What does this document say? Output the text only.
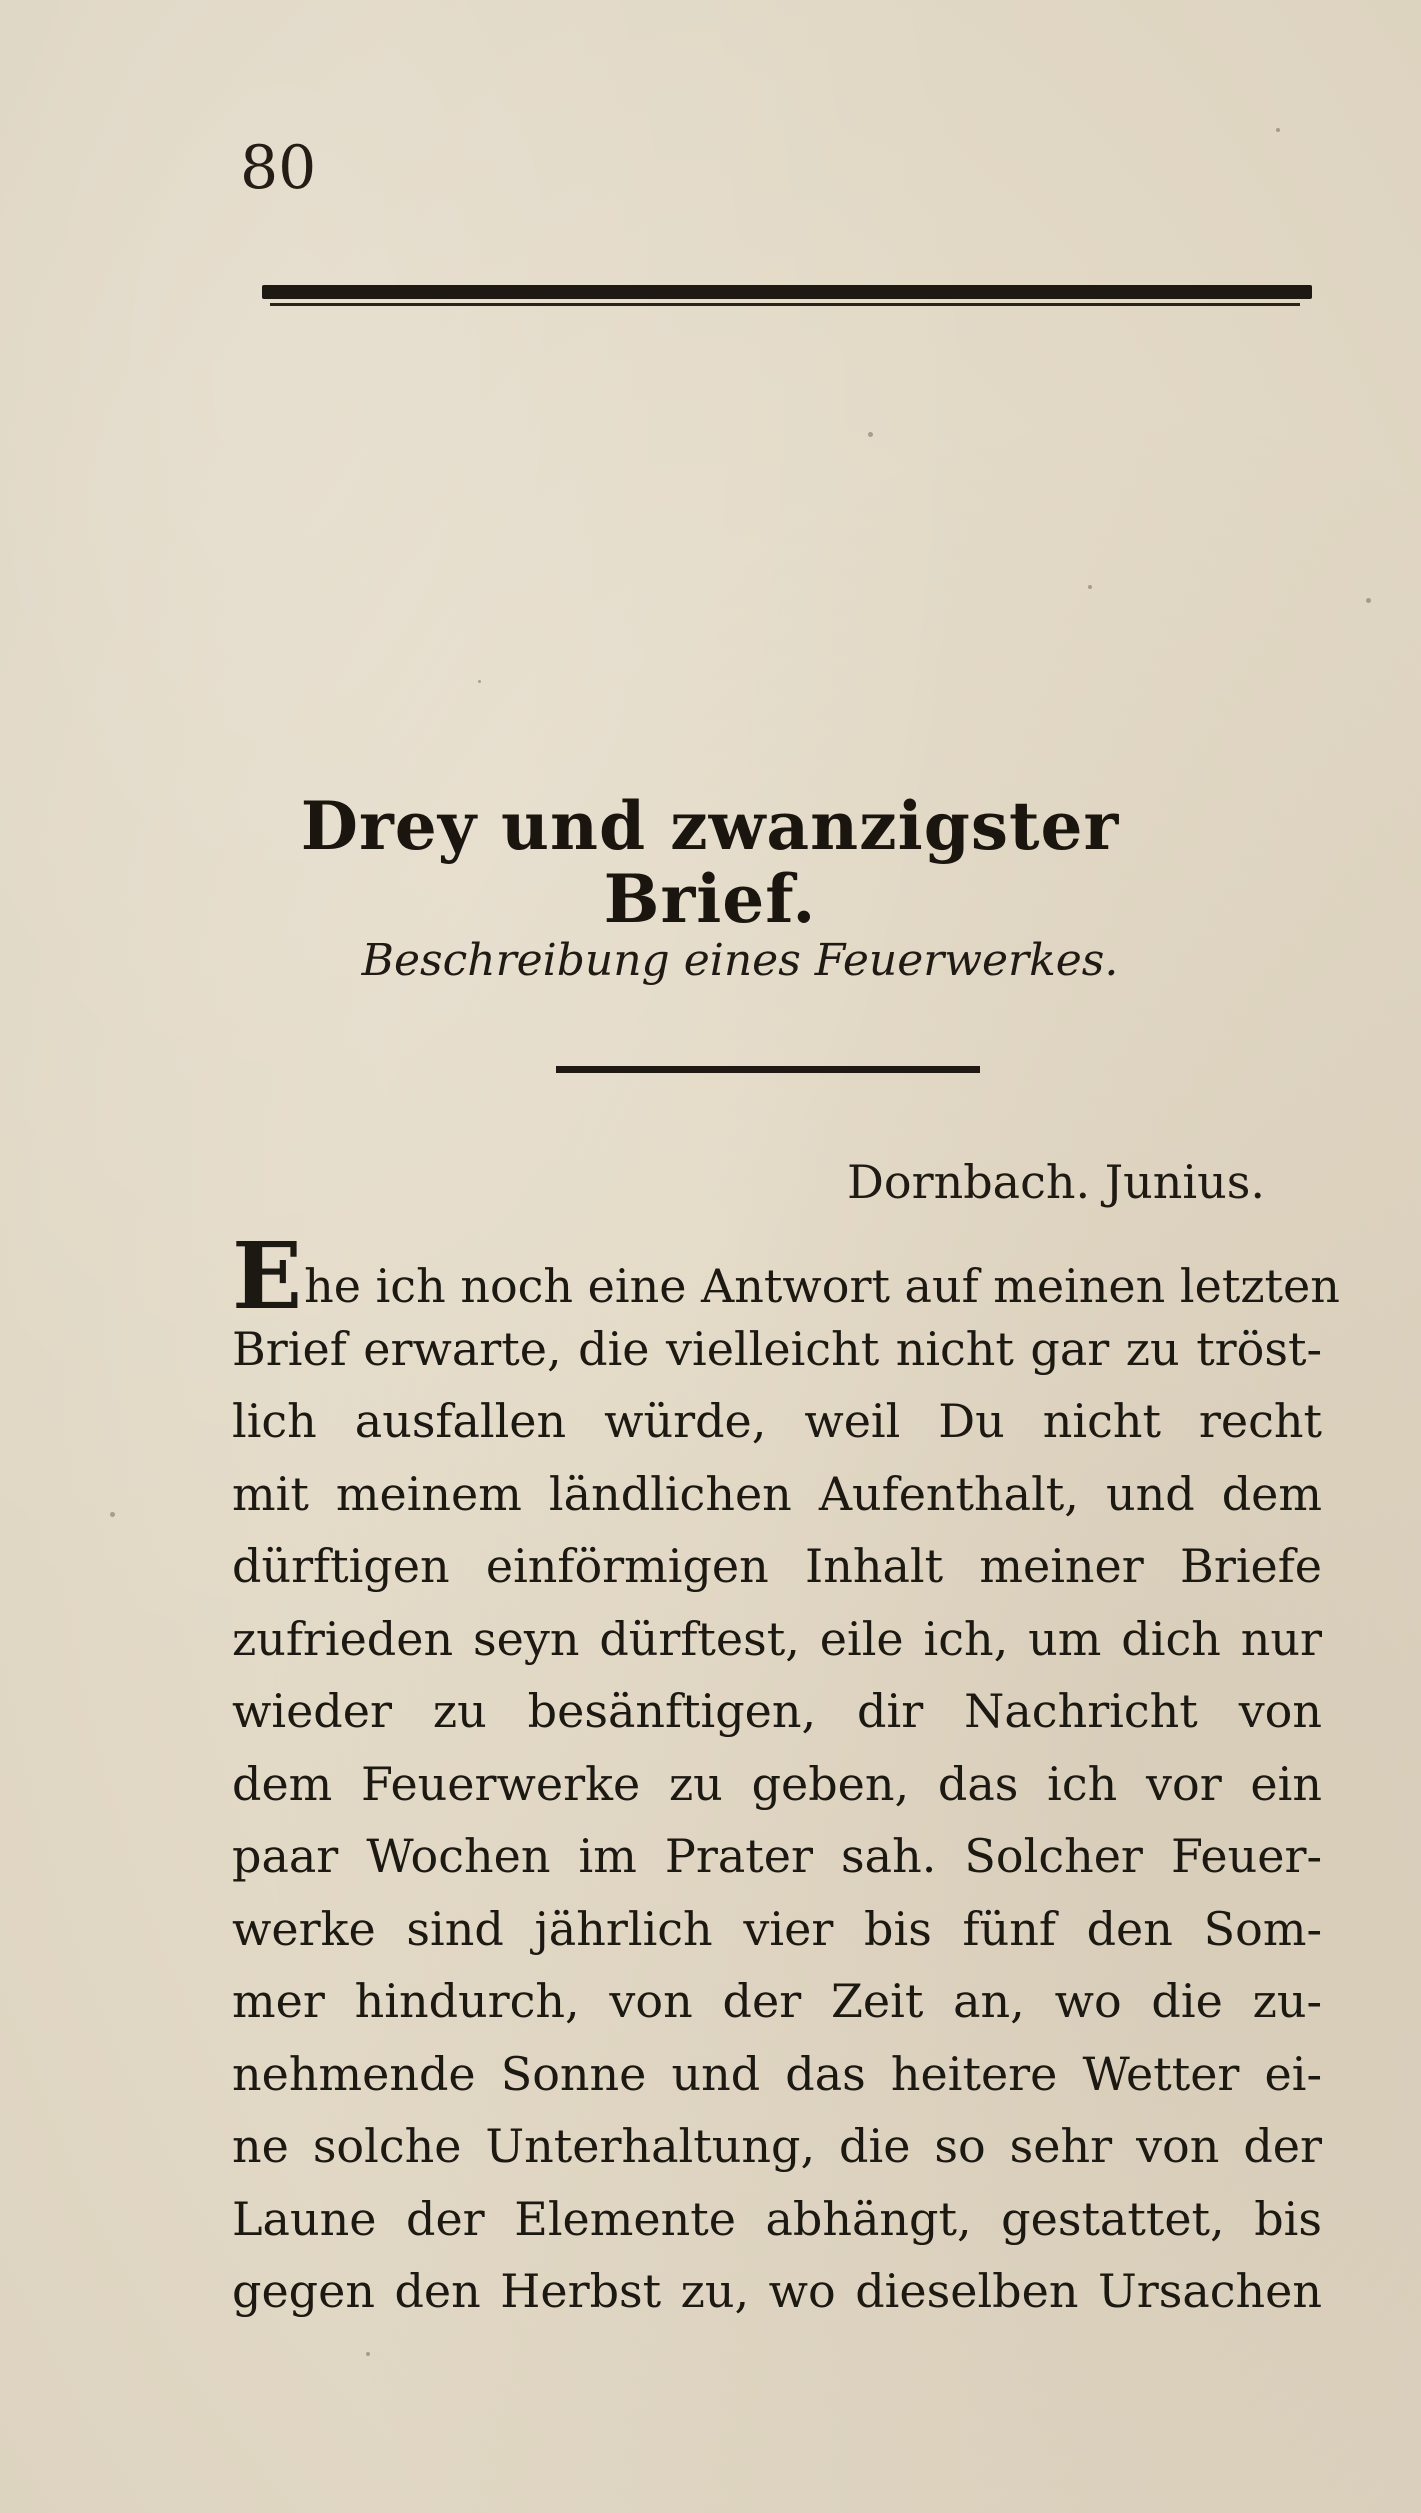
80
Drey und zwanzigster Brief.
Beschreibung eines Feuerwerkes.
Dornbach. Junius.
Ehe ich noch eine Antwort auf meinen letzten
Brief erwarte, die vielleicht nicht gar zu tröst-
lich ausfallen würde, weil Du nicht recht
mit meinem ländlichen Aufenthalt, und dem
dürftigen einförmigen Inhalt meiner Briefe
zufrieden seyn dürftest, eile ich, um dich nur
wieder zu besänftigen, dir Nachricht von
dem Feuerwerke zu geben, das ich vor ein
paar Wochen im Prater sah. Solcher Feuer-
werke sind jährlich vier bis fünf den Som-
mer hindurch, von der Zeit an, wo die zu-
nehmende Sonne und das heitere Wetter ei-
ne solche Unterhaltung, die so sehr von der
Laune der Elemente abhängt, gestattet, bis
gegen den Herbst zu, wo dieselben Ursachen
